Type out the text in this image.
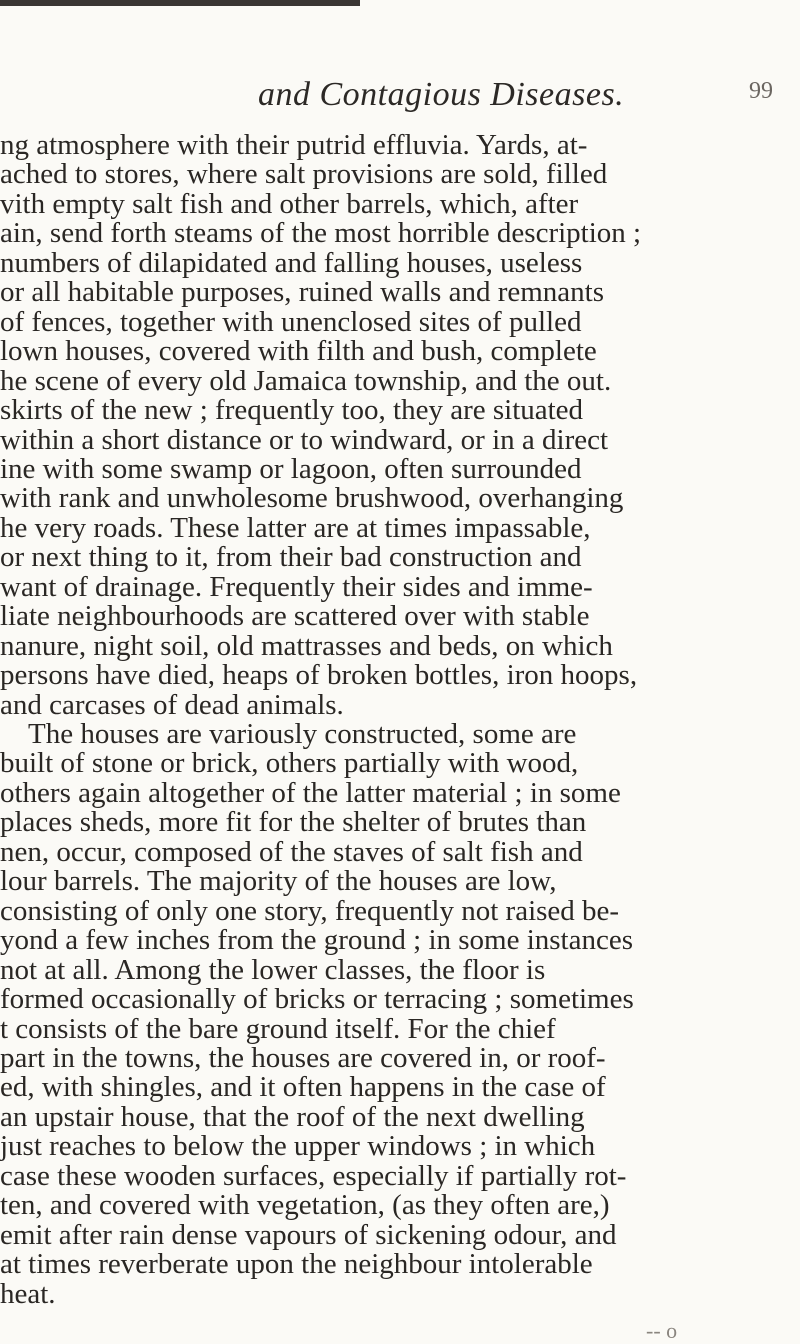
and Contagious Diseases.	99
ng atmosphere with their putrid effluvia. Yards, at-
ached to stores, where salt provisions are sold, filled
vith empty salt fish and other barrels, which, after
ain, send forth steams of the most horrible description ;
numbers of dilapidated and falling houses, useless
or all habitable purposes, ruined walls and remnants
of fences, together with unenclosed sites of pulled
lown houses, covered with filth and bush, complete
he scene of every old Jamaica township, and the out.
skirts of the new ; frequently too, they are situated
within a short distance or to windward, or in a direct
ine with some swamp or lagoon, often surrounded
with rank and unwholesome brushwood, overhanging
he very roads. These latter are at times impassable,
or next thing to it, from their bad construction and
want of drainage. Frequently their sides and imme-
liate neighbourhoods are scattered over with stable
nanure, night soil, old mattrasses and beds, on which
persons have died, heaps of broken bottles, iron hoops,
and carcases of dead animals.
The houses are variously constructed, some are
built of stone or brick, others partially with wood,
others again altogether of the latter material ; in some
places sheds, more fit for the shelter of brutes than
nen, occur, composed of the staves of salt fish and
lour barrels. The majority of the houses are low,
consisting of only one story, frequently not raised be-
yond a few inches from the ground ; in some instances
not at all. Among the lower classes, the floor is
formed occasionally of bricks or terracing ; sometimes
t consists of the bare ground itself. For the chief
part in the towns, the houses are covered in, or roof-
ed, with shingles, and it often happens in the case of
an upstair house, that the roof of the next dwelling
just reaches to below the upper windows ; in which
case these wooden surfaces, especially if partially rot-
ten, and covered with vegetation, (as they often are,)
emit after rain dense vapours of sickening odour, and
at times reverberate upon the neighbour intolerable
heat.
-- o
